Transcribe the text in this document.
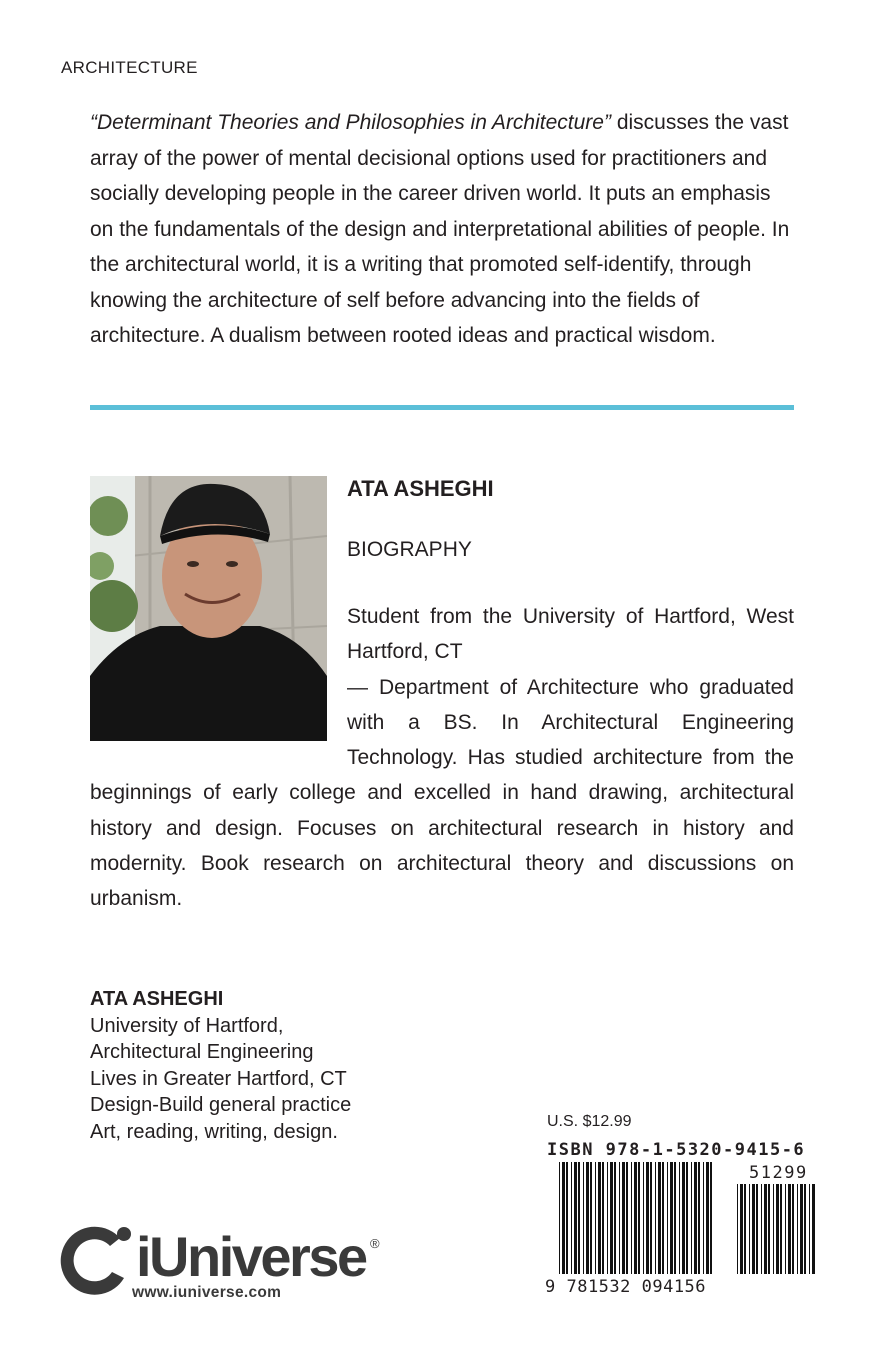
ARCHITECTURE
“Determinant Theories and Philosophies in Architecture” discusses the vast array of the power of mental decisional options used for practitioners and socially developing people in the career driven world. It puts an emphasis on the fundamentals of the design and interpretational abilities of people. In the architectural world, it is a writing that promoted self-identify, through knowing the architecture of self before advancing into the fields of architecture. A dualism between rooted ideas and practical wisdom.
ATA ASHEGHI
BIOGRAPHY

Student from the University of Hartford, West Hartford, CT
— Department of Architecture who graduated with a BS. In Architectural Engineering Technology. Has studied architecture from the beginnings of early college and excelled in hand drawing, architectural history and design. Focuses on architectural research in history and modernity. Book research on architectural theory and discussions on urbanism.

ATA ASHEGHI
University of Hartford,
Architectural Engineering
Lives in Greater Hartford, CT
Design-Build general practice
Art, reading, writing, design.
iUniverse ®
www.iuniverse.com
U.S. $12.99
ISBN 978-1-5320-9415-6
51299
9 781532 094156
